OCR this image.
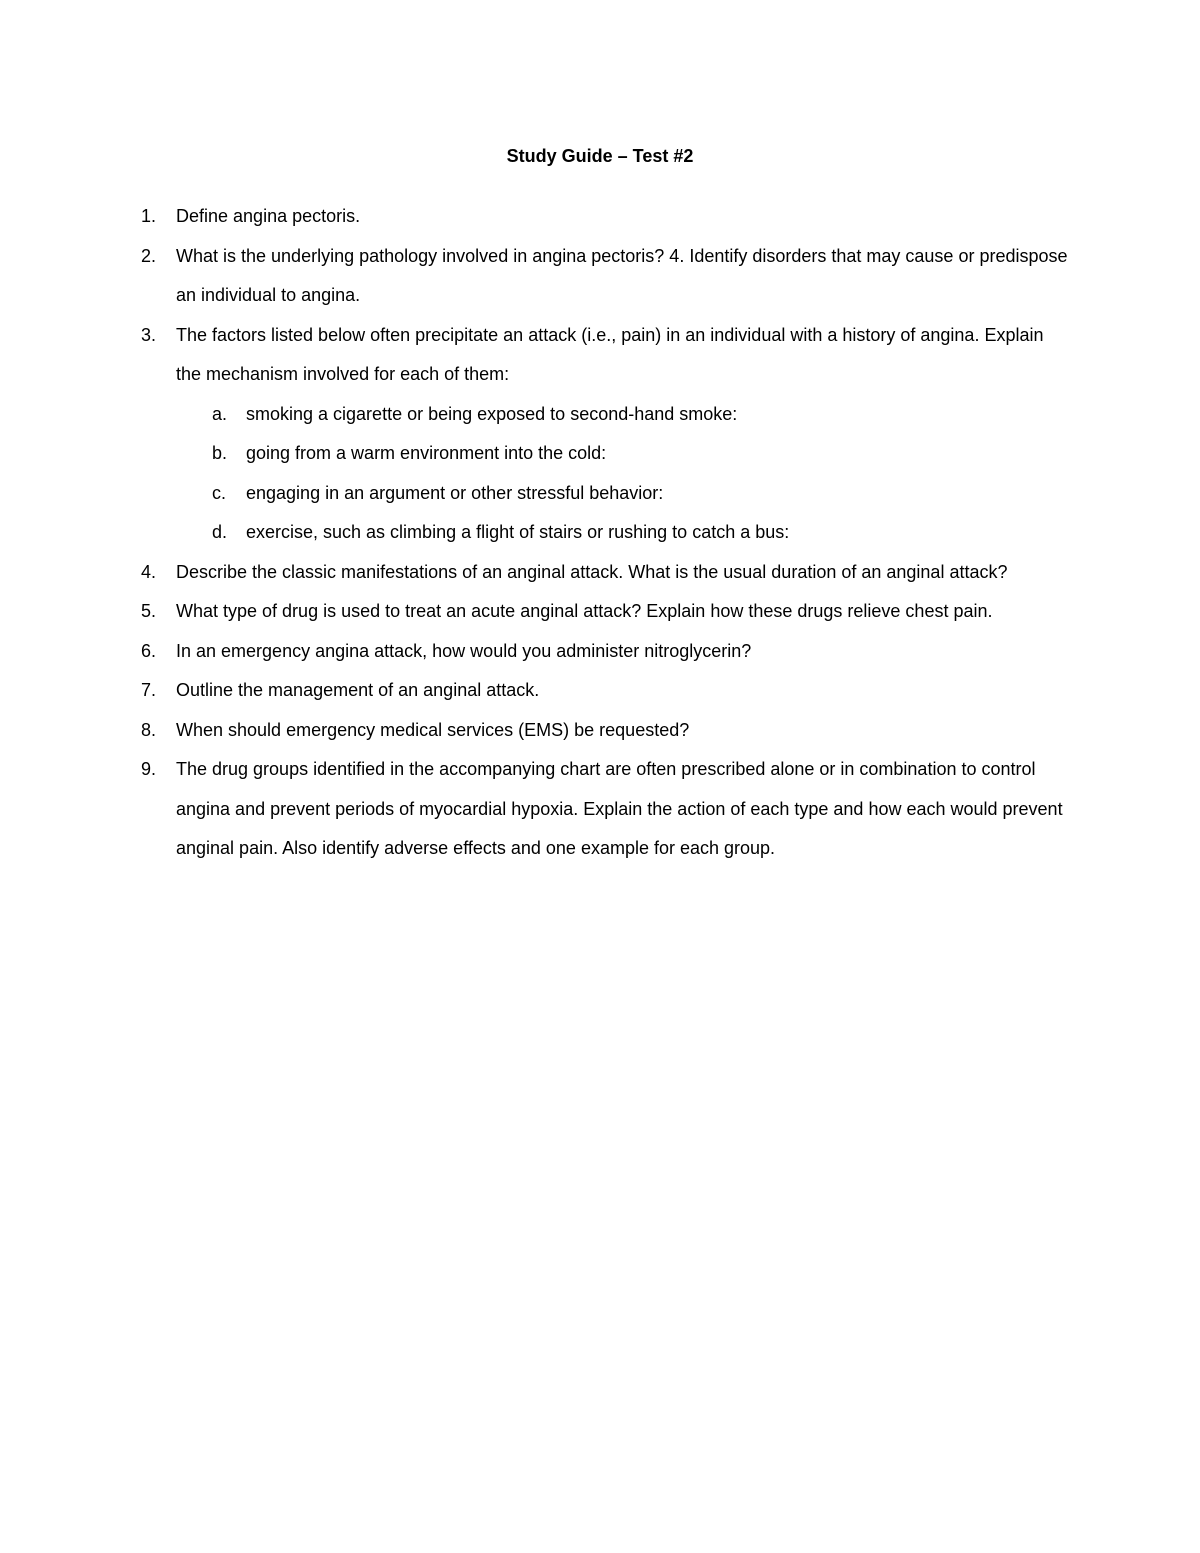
Study Guide – Test #2
1.	Define angina pectoris.
2.	What is the underlying pathology involved in angina pectoris? 4. Identify disorders that may cause or predispose an individual to angina.
3.	The factors listed below often precipitate an attack (i.e., pain) in an individual with a history of angina. Explain the mechanism involved for each of them:
a. smoking a cigarette or being exposed to second-hand smoke:
b. going from a warm environment into the cold:
c. engaging in an argument or other stressful behavior:
d. exercise, such as climbing a flight of stairs or rushing to catch a bus:
4.	Describe the classic manifestations of an anginal attack. What is the usual duration of an anginal attack?
5.	What type of drug is used to treat an acute anginal attack? Explain how these drugs relieve chest pain.
6.	In an emergency angina attack, how would you administer nitroglycerin?
7.	Outline the management of an anginal attack.
8.	When should emergency medical services (EMS) be requested?
9.	The drug groups identified in the accompanying chart are often prescribed alone or in combination to control angina and prevent periods of myocardial hypoxia. Explain the action of each type and how each would prevent anginal pain. Also identify adverse effects and one example for each group.
